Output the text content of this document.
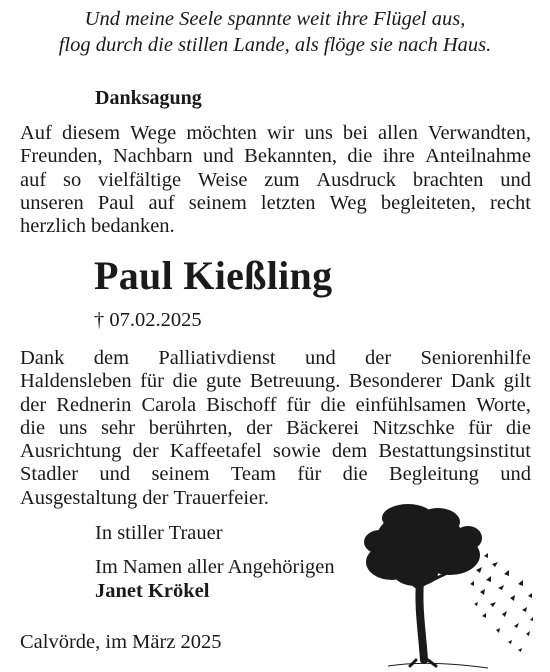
Und meine Seele spannte weit ihre Flügel aus,
flog durch die stillen Lande, als flöge sie nach Haus.
Danksagung
Auf diesem Wege möchten wir uns bei allen Verwandten,
Freunden, Nachbarn und Bekannten, die ihre Anteilnahme
auf so vielfältige Weise zum Ausdruck brachten und
unseren Paul auf seinem letzten Weg begleiteten, recht
herzlich bedanken.
Paul Kießling
† 07.02.2025
Dank dem Palliativdienst und der Seniorenhilfe
Haldensleben für die gute Betreuung. Besonderer Dank gilt
der Rednerin Carola Bischoff für die einfühlsamen Worte,
die uns sehr berührten, der Bäckerei Nitzschke für die
Ausrichtung der Kaffeetafel sowie dem Bestattungsinstitut
Stadler und seinem Team für die Begleitung und
Ausgestaltung der Trauerfeier.
In stiller Trauer
Im Namen aller Angehörigen
Janet Krökel
Calvörde, im März 2025
